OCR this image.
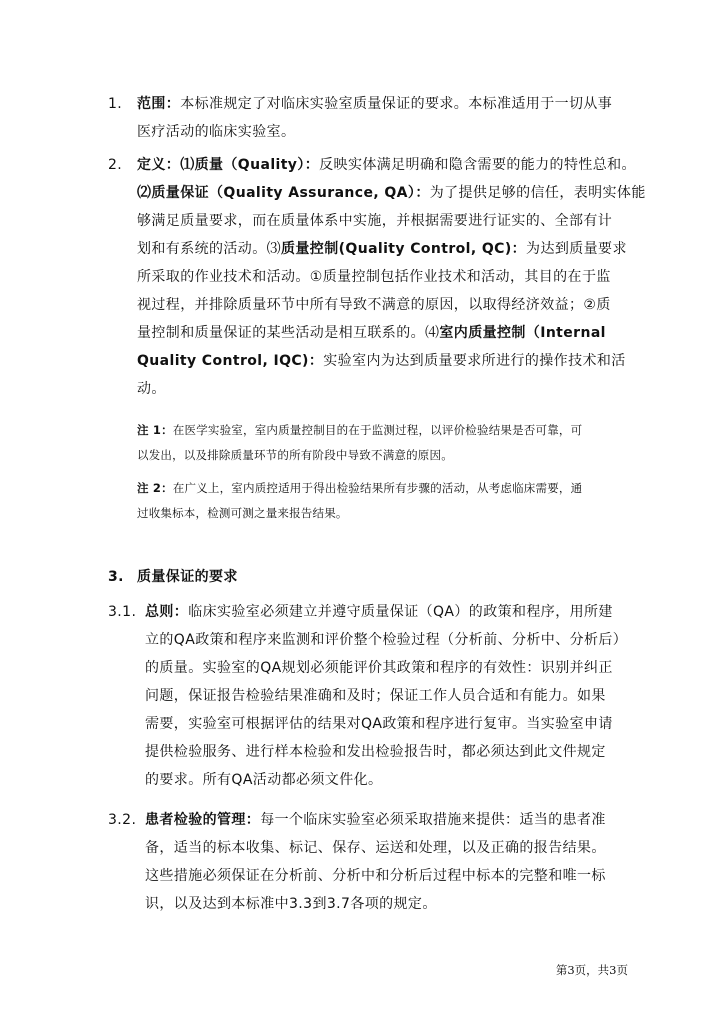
1. 范围：本标准规定了对临床实验室质量保证的要求。本标准适用于一切从事
医疗活动的临床实验室。
2. 定义：⑴质量（Quality）：反映实体满足明确和隐含需要的能力的特性总和。
⑵质量保证（Quality Assurance, QA）：为了提供足够的信任，表明实体能
够满足质量要求，而在质量体系中实施，并根据需要进行证实的、全部有计
划和有系统的活动。⑶质量控制(Quality Control, QC)：为达到质量要求
所采取的作业技术和活动。①质量控制包括作业技术和活动，其目的在于监
视过程，并排除质量环节中所有导致不满意的原因，以取得经济效益；②质
量控制和质量保证的某些活动是相互联系的。⑷室内质量控制（Internal
Quality Control, IQC)：实验室内为达到质量要求所进行的操作技术和活
动。
注 1：在医学实验室，室内质量控制目的在于监测过程，以评价检验结果是否可靠，可
以发出，以及排除质量环节的所有阶段中导致不满意的原因。
注 2：在广义上，室内质控适用于得出检验结果所有步骤的活动，从考虑临床需要，通
过收集标本，检测可测之量来报告结果。
3. 质量保证的要求
3.1. 总则：临床实验室必须建立并遵守质量保证（QA）的政策和程序，用所建
立的QA政策和程序来监测和评价整个检验过程（分析前、分析中、分析后）
的质量。实验室的QA规划必须能评价其政策和程序的有效性：识别并纠正
问题，保证报告检验结果准确和及时；保证工作人员合适和有能力。如果
需要，实验室可根据评估的结果对QA政策和程序进行复审。当实验室申请
提供检验服务、进行样本检验和发出检验报告时，都必须达到此文件规定
的要求。所有QA活动都必须文件化。
3.2. 患者检验的管理：每一个临床实验室必须采取措施来提供：适当的患者准
备，适当的标本收集、标记、保存、运送和处理，以及正确的报告结果。
这些措施必须保证在分析前、分析中和分析后过程中标本的完整和唯一标
识，以及达到本标准中3.3到3.7各项的规定。
第3页，共3页
